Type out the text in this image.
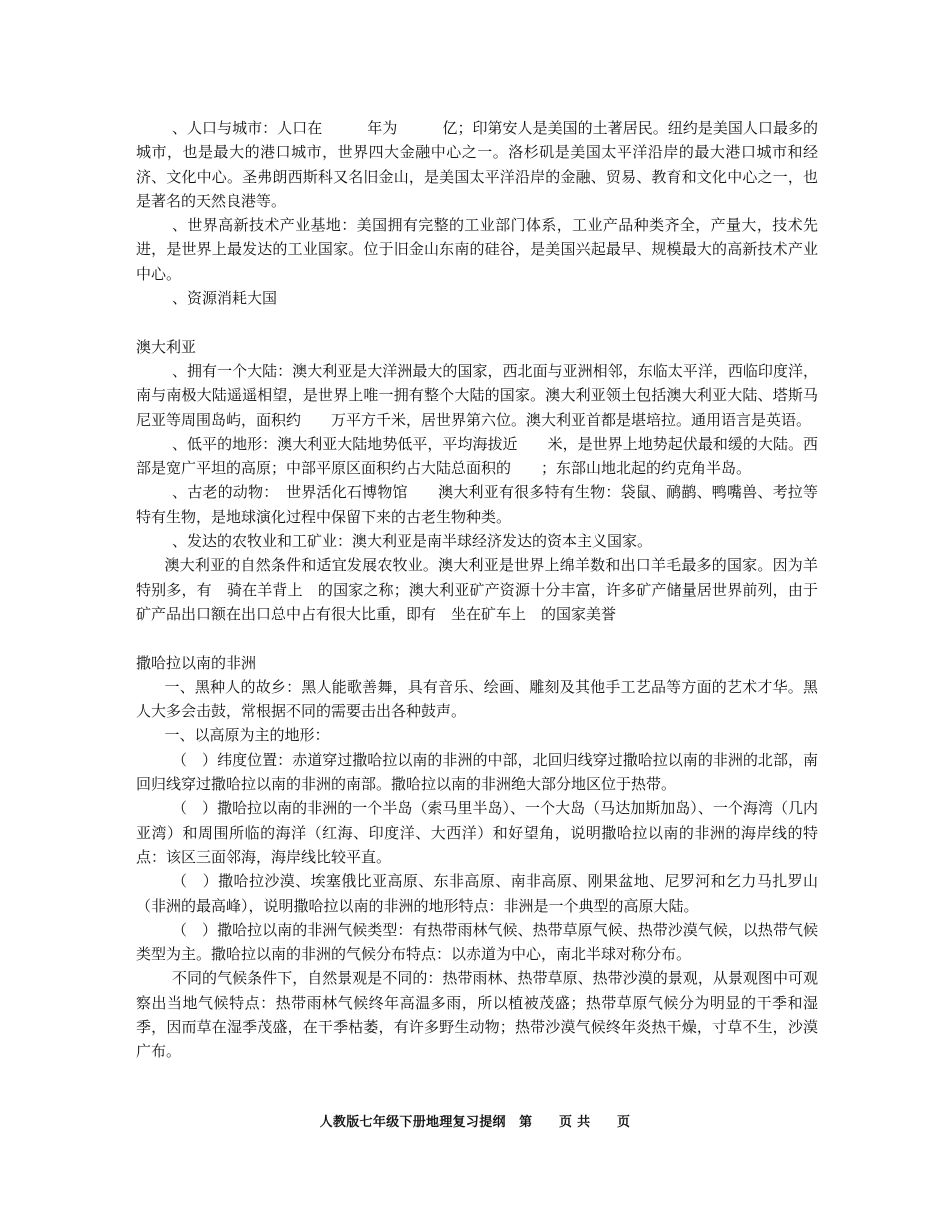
、人口与城市：人口在　　　年为　　　亿；印第安人是美国的土著居民。纽约是美国人口最多的城市，也是最大的港口城市，世界四大金融中心之一。洛杉矶是美国太平洋沿岸的最大港口城市和经济、文化中心。圣弗朗西斯科又名旧金山，是美国太平洋沿岸的金融、贸易、教育和文化中心之一，也是著名的天然良港等。

、世界高新技术产业基地：美国拥有完整的工业部门体系，工业产品种类齐全，产量大，技术先进，是世界上最发达的工业国家。位于旧金山东南的硅谷，是美国兴起最早、规模最大的高新技术产业中心。

、资源消耗大国

澳大利亚

、拥有一个大陆：澳大利亚是大洋洲最大的国家，西北面与亚洲相邻，东临太平洋，西临印度洋，南与南极大陆遥遥相望，是世界上唯一拥有整个大陆的国家。澳大利亚领土包括澳大利亚大陆、塔斯马尼亚等周围岛屿，面积约　　万平方千米，居世界第六位。澳大利亚首都是堪培拉。通用语言是英语。

、低平的地形：澳大利亚大陆地势低平，平均海拔近　　米，是世界上地势起伏最和缓的大陆。西部是宽广平坦的高原；中部平原区面积约占大陆总面积的　　；东部山地北起的约克角半岛。

、古老的动物：　世界活化石博物馆　　澳大利亚有很多特有生物：袋鼠、鸸鹋、鸭嘴兽、考拉等特有生物，是地球演化过程中保留下来的古老生物种类。

、发达的农牧业和工矿业：澳大利亚是南半球经济发达的资本主义国家。

澳大利亚的自然条件和适宜发展农牧业。澳大利亚是世界上绵羊数和出口羊毛最多的国家。因为羊特别多，有　骑在羊背上　的国家之称；澳大利亚矿产资源十分丰富，许多矿产储量居世界前列，由于矿产品出口额在出口总中占有很大比重，即有　坐在矿车上　的国家美誉

撒哈拉以南的非洲

一、黑种人的故乡：黑人能歌善舞，具有音乐、绘画、雕刻及其他手工艺品等方面的艺术才华。黑人大多会击鼓，常根据不同的需要击出各种鼓声。

一、以高原为主的地形：

（　）纬度位置：赤道穿过撒哈拉以南的非洲的中部，北回归线穿过撒哈拉以南的非洲的北部，南回归线穿过撒哈拉以南的非洲的南部。撒哈拉以南的非洲绝大部分地区位于热带。

（　）撒哈拉以南的非洲的一个半岛（索马里半岛）、一个大岛（马达加斯加岛）、一个海湾（几内亚湾）和周围所临的海洋（红海、印度洋、大西洋）和好望角，说明撒哈拉以南的非洲的海岸线的特点：该区三面邻海，海岸线比较平直。

（　）撒哈拉沙漠、埃塞俄比亚高原、东非高原、南非高原、刚果盆地、尼罗河和乞力马扎罗山（非洲的最高峰），说明撒哈拉以南的非洲的地形特点：非洲是一个典型的高原大陆。

（　）撒哈拉以南的非洲气候类型：有热带雨林气候、热带草原气候、热带沙漠气候，以热带气候类型为主。撒哈拉以南的非洲的气候分布特点：以赤道为中心，南北半球对称分布。

不同的气候条件下，自然景观是不同的：热带雨林、热带草原、热带沙漠的景观，从景观图中可观察出当地气候特点：热带雨林气候终年高温多雨，所以植被茂盛；热带草原气候分为明显的干季和湿季，因而草在湿季茂盛，在干季枯萎，有许多野生动物；热带沙漠气候终年炎热干燥，寸草不生，沙漠广布。

人教版七年级下册地理复习提纲　第　　页 共　　页
